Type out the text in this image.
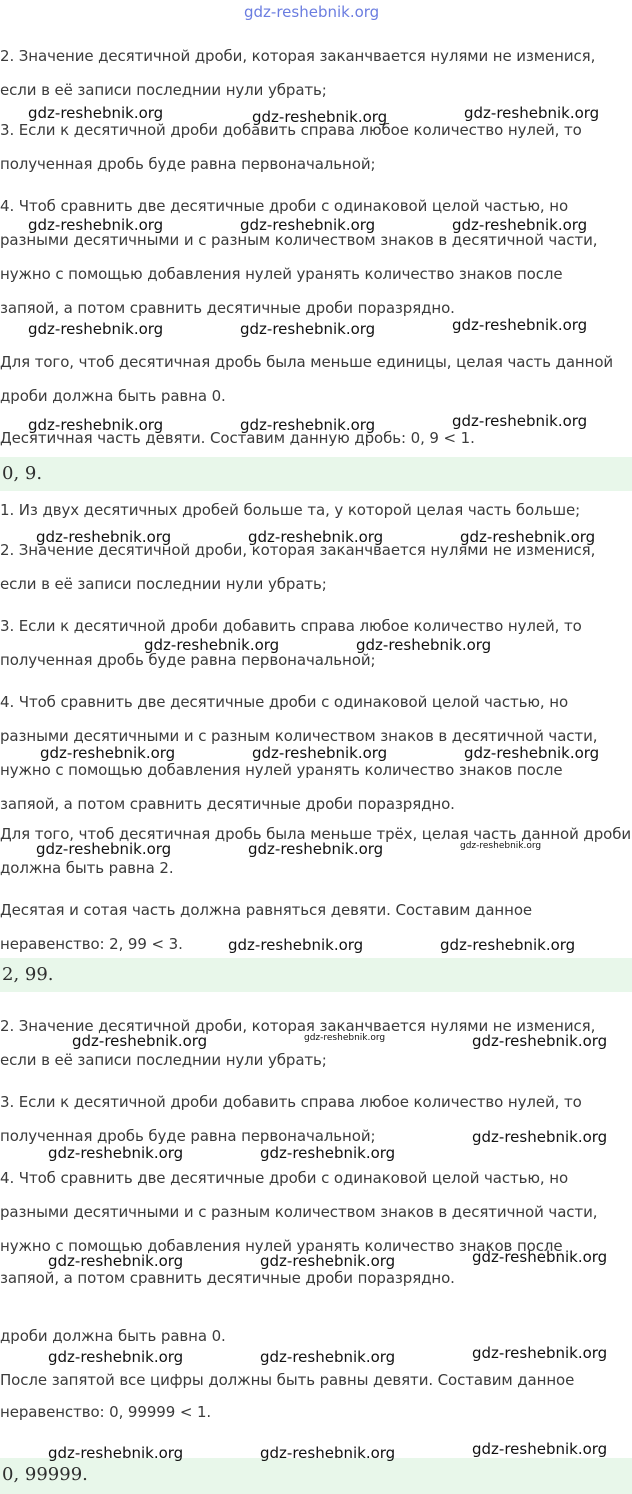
gdz-reshebnik.org
2. Значение десятичной дроби, которая заканчвается нулями не изменися,
если в её записи последнии нули убрать;
3. Если к десятичной дроби добавить справа любое количество нулей, то
полученная дробь буде равна первоначальной;
4. Чтоб сравнить две десятичные дроби с одинаковой целой частью, но
разными десятичными и с разным количеством знаков в десятичной части,
нужно с помощью добавления нулей уранять количество знаков после
запяой, а потом сравнить десятичные дроби поразрядно.
Для того, чтоб десятичная дробь была меньше единицы, целая часть данной
дроби должна быть равна 0.
Десятичная часть девяти. Составим данную дробь: 0, 9 < 1.
0, 9.
1. Из двух десятичных дробей больше та, у которой целая часть больше;
2. Значение десятичной дроби, которая заканчвается нулями не изменися,
если в её записи последнии нули убрать;
3. Если к десятичной дроби добавить справа любое количество нулей, то
полученная дробь буде равна первоначальной;
4. Чтоб сравнить две десятичные дроби с одинаковой целой частью, но
разными десятичными и с разным количеством знаков в десятичной части,
нужно с помощью добавления нулей уранять количество знаков после
запяой, а потом сравнить десятичные дроби поразрядно.
Для того, чтоб десятичная дробь была меньше трёх, целая часть данной дроби
должна быть равна 2.
Десятая и сотая часть должна равняться девяти. Составим данное
неравенство: 2, 99 < 3.
2, 99.
2. Значение десятичной дроби, которая заканчвается нулями не изменися,
если в её записи последнии нули убрать;
3. Если к десятичной дроби добавить справа любое количество нулей, то
полученная дробь буде равна первоначальной;
4. Чтоб сравнить две десятичные дроби с одинаковой целой частью, но
разными десятичными и с разным количеством знаков в десятичной части,
нужно с помощью добавления нулей уранять количество знаков после
запяой, а потом сравнить десятичные дроби поразрядно.
дроби должна быть равна 0.
После запятой все цифры должны быть равны девяти. Составим данное
неравенство: 0, 99999 < 1.
0, 99999.
gdz-reshebnik.org	gdz-reshebnik.org	gdz-reshebnik.org
gdz-reshebnik.org	gdz-reshebnik.org	gdz-reshebnik.org
gdz-reshebnik.org	gdz-reshebnik.org	gdz-reshebnik.org
gdz-reshebnik.org	gdz-reshebnik.org	gdz-reshebnik.org
gdz-reshebnik.org	gdz-reshebnik.org	gdz-reshebnik.org
gdz-reshebnik.org	gdz-reshebnik.org
gdz-reshebnik.org	gdz-reshebnik.org	gdz-reshebnik.org
gdz-reshebnik.org	gdz-reshebnik.org	gdz-reshebnik.org
gdz-reshebnik.org	gdz-reshebnik.org
gdz-reshebnik.org	gdz-reshebnik.org	gdz-reshebnik.org
gdz-reshebnik.org
gdz-reshebnik.org	gdz-reshebnik.org
gdz-reshebnik.org	gdz-reshebnik.org	gdz-reshebnik.org
gdz-reshebnik.org	gdz-reshebnik.org	gdz-reshebnik.org
gdz-reshebnik.org	gdz-reshebnik.org	gdz-reshebnik.org
